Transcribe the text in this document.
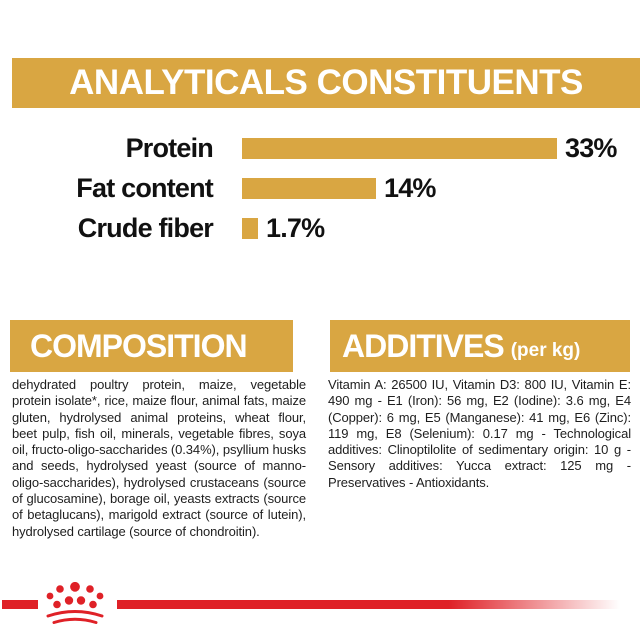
ANALYTICALS CONSTITUENTS
Protein	33%
Fat content	14%
Crude fiber 1.7%
COMPOSITION	ADDITIVES (per kg)

dehydrated poultry protein, maize, vegetable protein isolate*, rice, maize flour, animal fats, maize gluten, hydrolysed animal proteins, wheat flour, beet pulp, fish oil, minerals, vegetable fibres, soya oil, fructo-oligo-saccharides (0.34%), psyllium husks and seeds, hydrolysed yeast (source of manno-oligo-saccharides), hydrolysed crustaceans (source of glucosamine), borage oil, yeasts extracts (source of betaglucans), marigold extract (source of lutein), hydrolysed cartilage (source of chondroitin).

Vitamin A: 26500 IU, Vitamin D3: 800 IU, Vitamin E: 490 mg - E1 (Iron): 56 mg, E2 (Iodine): 3.6 mg, E4 (Copper): 6 mg, E5 (Manganese): 41 mg, E6 (Zinc): 119 mg, E8 (Selenium): 0.17 mg - Technological additives: Clinoptilolite of sedimentary origin: 10 g - Sensory additives: Yucca extract: 125 mg - Preservatives - Antioxidants.
